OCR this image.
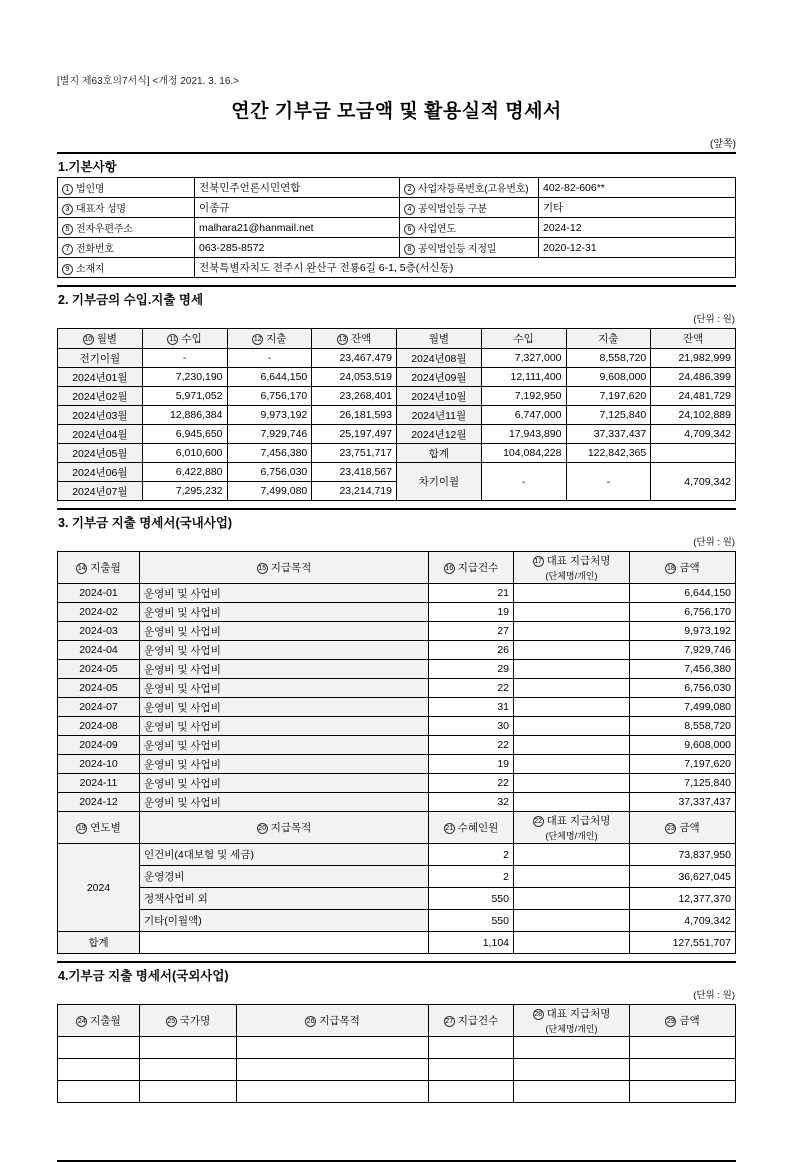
[별지 제63호의7서식] <개정 2021. 3. 16.>
연간 기부금 모금액 및 활용실적 명세서
(앞쪽)
1.기본사항
1 법인명	전북민주언론시민연합	2 사업자등록번호(고유번호)	402-82-606**
3 대표자 성명	이종규	4 공익법인등 구분	기타
5 전자우편주소	malhara21@hanmail.net	6 사업연도	2024-12
7 전화번호	063-285-8572	8 공익법인등 지정일	2020-12-31
9 소재지	전북특별자치도 전주시 완산구 전룡6길 6-1, 5층(서신동)		
2. 기부금의 수입.지출 명세
(단위 : 원)
10 월별	11 수입	12 지출	13 잔액	월별	수입	지출	잔액
전기이월	-	-	23,467,479	2024년08월	7,327,000	8,558,720	21,982,999
2024년01월	7,230,190	6,644,150	24,053,519	2024년09월	12,111,400	9,608,000	24,486,399
2024년02월	5,971,052	6,756,170	23,268,401	2024년10월	7,192,950	7,197,620	24,481,729
2024년03월	12,886,384	9,973,192	26,181,593	2024년11월	6,747,000	7,125,840	24,102,889
2024년04월	6,945,650	7,929,746	25,197,497	2024년12월	17,943,890	37,337,437	4,709,342
2024년05월	6,010,600	7,456,380	23,751,717	합계	104,084,228	122,842,365	
2024년06월	6,422,880	6,756,030	23,418,567	차기이월	-	-	4,709,342
2024년07월	7,295,232	7,499,080	23,214,719				
3. 기부금 지출 명세서(국내사업)
(단위 : 원)
14 지출월	15 지급목적	16 지급건수	17 대표 지급처명
(단체명/개인)	18 금액
2024-01	운영비 및 사업비	21		6,644,150
2024-02	운영비 및 사업비	19		6,756,170
2024-03	운영비 및 사업비	27		9,973,192
2024-04	운영비 및 사업비	26		7,929,746
2024-05	운영비 및 사업비	29		7,456,380
2024-05	운영비 및 사업비	22		6,756,030
2024-07	운영비 및 사업비	31		7,499,080
2024-08	운영비 및 사업비	30		8,558,720
2024-09	운영비 및 사업비	22		9,608,000
2024-10	운영비 및 사업비	19		7,197,620
2024-11	운영비 및 사업비	22		7,125,840
2024-12	운영비 및 사업비	32		37,337,437
19 연도별	20 지급목적	21 수혜인원	22 대표 지급처명
(단체명/개인)	23 금액
2024	인건비(4대보험 및 세금)	2		73,837,950
	운영경비	2		36,627,045
	정책사업비 외	550		12,377,370
	기타(이월액)	550		4,709,342
합계		1,104		127,551,707
4.기부금 지출 명세서(국외사업)
(단위 : 원)
24 지출월	25 국가명	26 지급목적	27 지급건수	28 대표 지급처명
(단체명/개인)	29 금액
